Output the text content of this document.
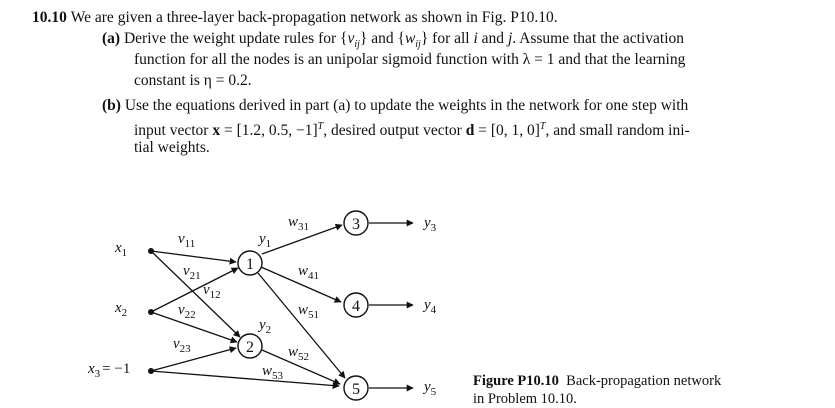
10.10 We are given a three-layer back-propagation network as shown in Fig. P10.10.
(a) Derive the weight update rules for $\{v_{ij}\}$ and $\{w_{ij}\}$ for all i and j. Assume that the activation
function for all the nodes is an unipolar sigmoid function with λ = 1 and that the learning
constant is η = 0.2.
(b) Use the equations derived in part (a) to update the weights in the network for one step with
input vector x = [1.2, 0.5, −1]$^T$, desired output vector d = [0, 1, 0]$^T$, and small random ini-
tial weights.
1
2
3
4
5
$x_1$
$x_2$
$x_3 = -1$
$y_1$
$y_2$
$y_3$
$y_4$
$y_5$
$v_{11}$
$v_{21}$
$v_{12}$
$v_{22}$
$v_{23}$
$w_{31}$
$w_{41}$
$w_{51}$
$w_{52}$
$w_{53}$	Figure P10.10 Back-propagation network
in Problem 10.10.
